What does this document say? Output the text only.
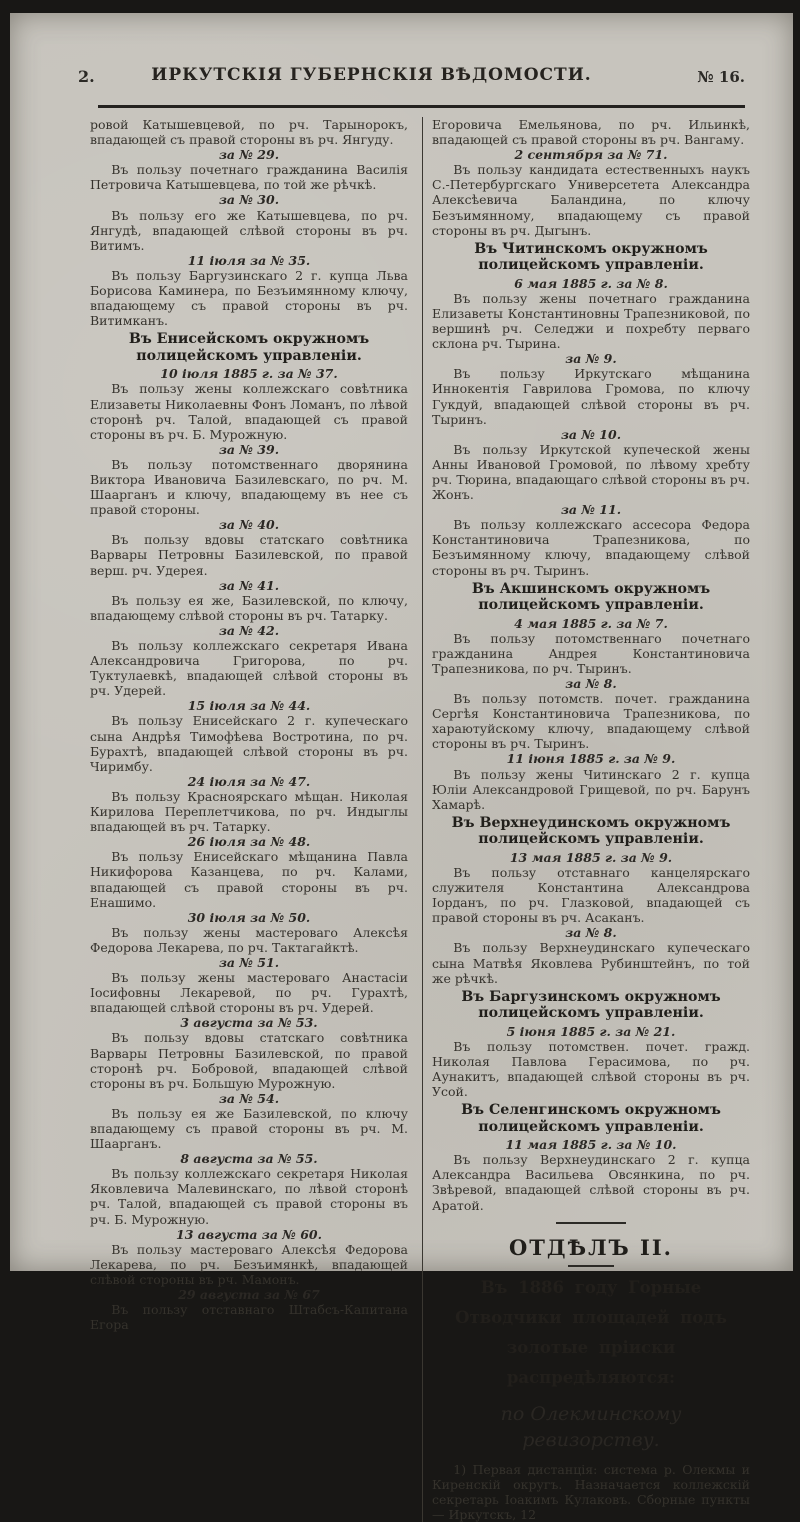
2.	ИРКУТСКІЯ ГУБЕРНСКІЯ ВѢДОМОСТИ.	№ 16.
ровой Катышевцевой, по рч. Тарынорокъ, впадающей съ правой стороны въ рч. Янгуду.
за № 29.
Въ пользу почетнаго гражданина Василія Петровича Катышевцева, по той же рѣчкѣ.
за № 30.
Въ пользу его же Катышевцева, по рч. Янгудѣ, впадающей слѣвой стороны въ рч. Витимъ.
11 іюля за № 35.
Въ пользу Баргузинскаго 2 г. купца Льва Борисова Каминера, по Безъимянному ключу, впадающему съ правой стороны въ рч. Витимканъ.
Въ Енисейскомъ окружномъ полицейскомъ управленіи.
10 іюля 1885 г. за № 37.
Въ пользу жены коллежскаго совѣтника Елизаветы Николаевны Фонъ Ломанъ, по лѣвой сторонѣ рч. Талой, впадающей съ правой стороны въ рч. Б. Мурожную.
за № 39.
Въ пользу потомственнаго дворянина Виктора Ивановича Базилевскаго, по рч. М. Шаарганъ и ключу, впадающему въ нее съ правой стороны.
за № 40.
Въ пользу вдовы статскаго совѣтника Варвары Петровны Базилевской, по правой верш. рч. Удерея.
за № 41.
Въ пользу ея же, Базилевской, по ключу, впадающему слѣвой стороны въ рч. Татарку.
за № 42.
Въ пользу коллежскаго секретаря Ивана Александровича Григорова, по рч. Туктулаевкѣ, впадающей слѣвой стороны въ рч. Удерей.
15 іюля за № 44.
Въ пользу Енисейскаго 2 г. купеческаго сына Андрѣя Тимофѣева Востротина, по рч. Бурахтѣ, впадающей слѣвой стороны въ рч. Чиримбу.
24 іюля за № 47.
Въ пользу Красноярскаго мѣщан. Николая Кирилова Переплетчикова, по рч. Индыглы впадающей въ рч. Татарку.
26 іюля за № 48.
Въ пользу Енисейскаго мѣщанина Павла Никифорова Казанцева, по рч. Калами, впадающей съ правой стороны въ рч. Енашимо.
30 іюля за № 50.
Въ пользу жены мастероваго Алексѣя Федорова Лекарева, по рч. Тактагайктѣ.
за № 51.
Въ пользу жены мастероваго Анастасіи Іосифовны Лекаревой, по рч. Гурахтѣ, впадающей слѣвой стороны въ рч. Удерей.
3 августа за № 53.
Въ пользу вдовы статскаго совѣтника Варвары Петровны Базилевской, по правой сторонѣ рч. Бобровой, впадающей слѣвой стороны въ рч. Большую Мурожную.
за № 54.
Въ пользу ея же Базилевской, по ключу впадающему съ правой стороны въ рч. М. Шаарганъ.
8 августа за № 55.
Въ пользу коллежскаго секретаря Николая Яковлевича Малевинскаго, по лѣвой сторонѣ рч. Талой, впадающей съ правой стороны въ рч. Б. Мурожную.
13 августа за № 60.
Въ пользу мастероваго Алексѣя Федорова Лекарева, по рч. Безъимянкѣ, впадающей слѣвой стороны въ рч. Мамонъ.
29 августа за № 67
Въ пользу отставнаго Штабсъ-Капитана Егора
Егоровича Емельянова, по рч. Ильинкѣ, впадающей съ правой стороны въ рч. Вангаму.
2 сентября за № 71.
Въ пользу кандидата естественныхъ наукъ С.-Петербургскаго Универсетета Александра Алексѣевича Баландина, по ключу Безъимянному, впадающему съ правой стороны въ рч. Дыгынъ.
Въ Читинскомъ окружномъ полицейскомъ управленіи.
6 мая 1885 г. за № 8.
Въ пользу жены почетнаго гражданина Елизаветы Константиновны Трапезниковой, по вершинѣ рч. Селеджи и похребту перваго склона рч. Тырина.
за № 9.
Въ пользу Иркутскаго мѣщанина Иннокентія Гаврилова Громова, по ключу Гукдуй, впадающей слѣвой стороны въ рч. Тыринъ.
за № 10.
Въ пользу Иркутской купеческой жены Анны Ивановой Громовой, по лѣвому хребту рч. Тюрина, впадающаго слѣвой стороны въ рч. Жонъ.
за № 11.
Въ пользу коллежскаго ассесора Федора Константиновича Трапезникова, по Безъимянному ключу, впадающему слѣвой стороны въ рч. Тыринъ.
Въ Акшинскомъ окружномъ полицейскомъ управленіи.
4 мая 1885 г. за № 7.
Въ пользу потомственнаго почетнаго гражданина Андрея Константиновича Трапезникова, по рч. Тыринъ.
за № 8.
Въ пользу потомств. почет. гражданина Сергѣя Константиновича Трапезникова, по хараютуйскому ключу, впадающему слѣвой стороны въ рч. Тыринъ.
11 іюня 1885 г. за № 9.
Въ пользу жены Читинскаго 2 г. купца Юліи Александровой Грищевой, по рч. Барунъ Хамарѣ.
Въ Верхнеудинскомъ окружномъ полицейскомъ управленіи.
13 мая 1885 г. за № 9.
Въ пользу отставнаго канцелярскаго служителя Константина Александрова Іорданъ, по рч. Глазковой, впадающей съ правой стороны въ рч. Асаканъ.
за № 8.
Въ пользу Верхнеудинскаго купеческаго сына Матвѣя Яковлева Рубинштейнъ, по той же рѣчкѣ.
Въ Баргузинскомъ окружномъ полицейскомъ управленіи.
5 іюня 1885 г. за № 21.
Въ пользу потомствен. почет. гражд. Николая Павлова Герасимова, по рч. Аунакитъ, впадающей слѣвой стороны въ рч. Усой.
Въ Селенгинскомъ окружномъ полицейскомъ управленіи.
11 мая 1885 г. за № 10.
Въ пользу Верхнеудинскаго 2 г. купца Александра Васильева Овсянкина, по рч. Звѣревой, впадающей слѣвой стороны въ рч. Аратой.
ОТДѢЛЪ II.
Въ 1886 году Горные Отводчики площадей подъ золотые пріиски распредѣляются:
по Олекминскому ревизорству.
1) Первая дистанція: система р. Олекмы и Киренскій округъ. Назначается коллежскій секретарь Іоакимъ Кулаковъ. Сборные пункты — Иркутскъ, 12
